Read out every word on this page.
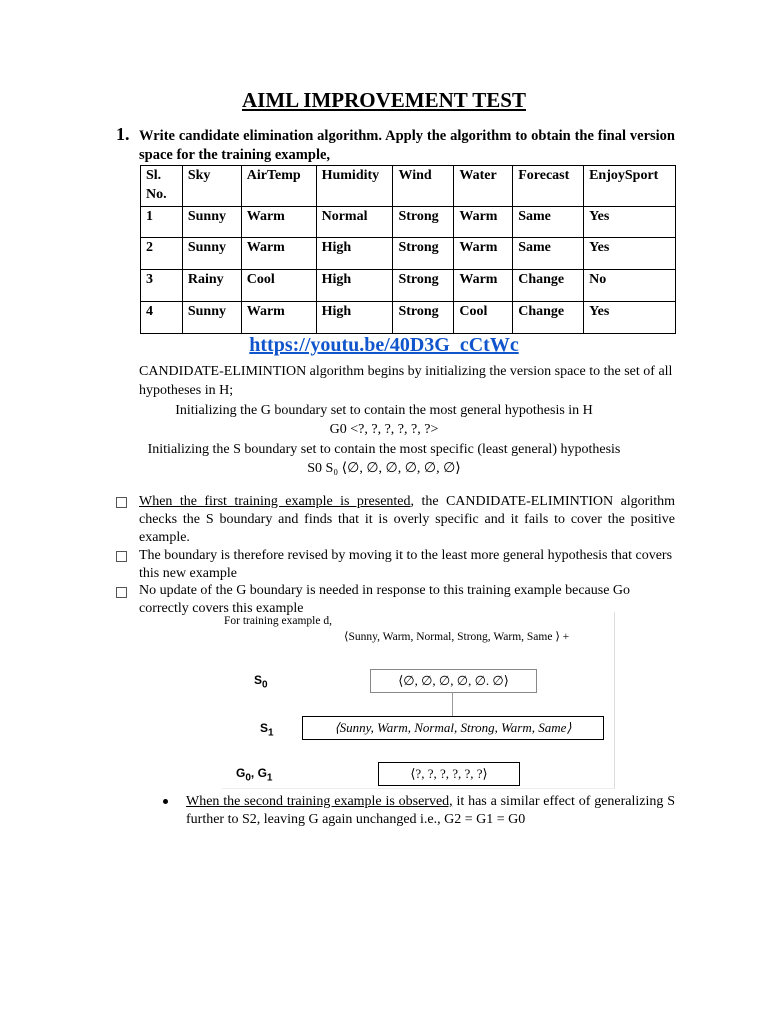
AIML IMPROVEMENT TEST
1. Write candidate elimination algorithm. Apply the algorithm to obtain the final version space for the training example,
Sl. No.	Sky	AirTemp	Humidity	Wind	Water	Forecast	EnjoySport
1	Sunny	Warm	Normal	Strong	Warm	Same	Yes
2	Sunny	Warm	High	Strong	Warm	Same	Yes
3	Rainy	Cool	High	Strong	Warm	Change	No
4	Sunny	Warm	High	Strong	Cool	Change	Yes
https://youtu.be/40D3G_cCtWc
CANDIDATE-ELIMINTION algorithm begins by initializing the version space to the set of all hypotheses in H;
Initializing the G boundary set to contain the most general hypothesis in H
G0 <?, ?, ?, ?, ?, ?>
Initializing the S boundary set to contain the most specific (least general) hypothesis
S0 S₀ ⟨∅, ∅, ∅, ∅, ∅, ∅⟩
When the first training example is presented, the CANDIDATE-ELIMINTION algorithm checks the S boundary and finds that it is overly specific and it fails to cover the positive example.
The boundary is therefore revised by moving it to the least more general hypothesis that covers this new example
No update of the G boundary is needed in response to this training example because Go correctly covers this example
For training example d,
⟨Sunny, Warm, Normal, Strong, Warm, Same ⟩ +
$S_0$	⟨∅, ∅, ∅, ∅, ∅. ∅⟩
$S_1$	⟨Sunny, Warm, Normal, Strong, Warm, Same⟩
$G_0$, $G_1$	⟨?, ?, ?, ?, ?, ?⟩
When the second training example is observed, it has a similar effect of generalizing S further to S2, leaving G again unchanged i.e., G2 = G1 = G0
